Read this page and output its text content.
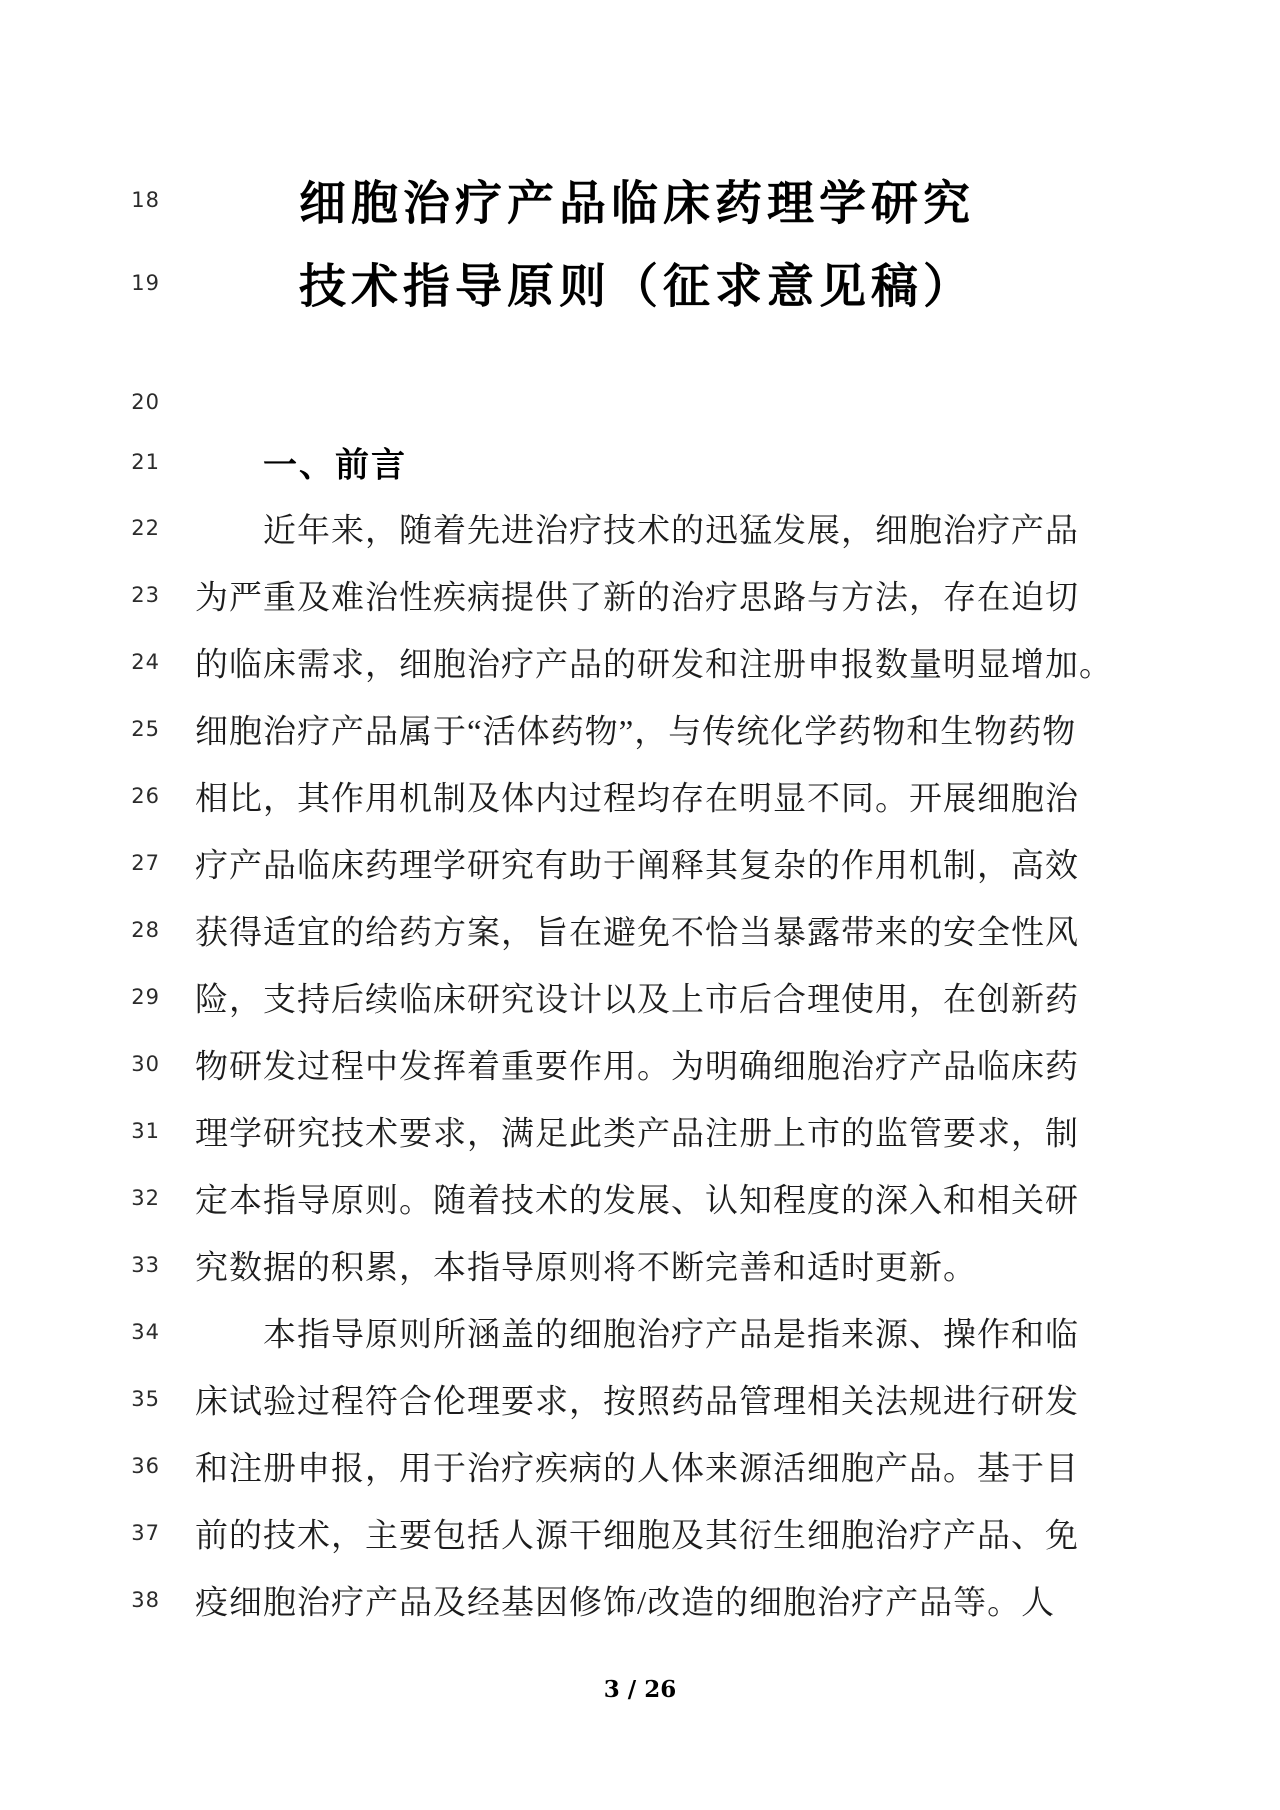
18	细胞治疗产品临床药理学研究
19	技术指导原则（征求意见稿）
20
21	一、前言
22	近年来，随着先进治疗技术的迅猛发展，细胞治疗产品
23 为严重及难治性疾病提供了新的治疗思路与方法，存在迫切
24 的临床需求，细胞治疗产品的研发和注册申报数量明显增加。
25 细胞治疗产品属于“活体药物”，与传统化学药物和生物药物
26 相比，其作用机制及体内过程均存在明显不同。开展细胞治
27 疗产品临床药理学研究有助于阐释其复杂的作用机制，高效
28 获得适宜的给药方案，旨在避免不恰当暴露带来的安全性风
29 险，支持后续临床研究设计以及上市后合理使用，在创新药
30 物研发过程中发挥着重要作用。为明确细胞治疗产品临床药
31 理学研究技术要求，满足此类产品注册上市的监管要求，制
32 定本指导原则。随着技术的发展、认知程度的深入和相关研
33 究数据的积累，本指导原则将不断完善和适时更新。
34	本指导原则所涵盖的细胞治疗产品是指来源、操作和临
35 床试验过程符合伦理要求，按照药品管理相关法规进行研发
36 和注册申报，用于治疗疾病的人体来源活细胞产品。基于目
37 前的技术，主要包括人源干细胞及其衍生细胞治疗产品、免
38 疫细胞治疗产品及经基因修饰/改造的细胞治疗产品等。人
3 / 26
